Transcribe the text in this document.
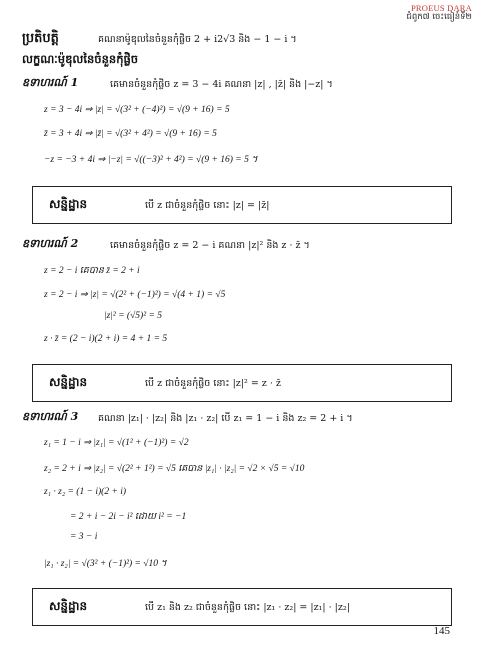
PROEUS DARA
ជំពូក៧ ចេះធៀនំទី២
ប្រតិបត្តិ	គណនាម៉ូឌុលនៃចំនួនកុំផ្លិច 2 + i2√3 និង − 1 − i ។
លក្ខណៈម៉ូឌុលនៃចំនួនកុំផ្លិច
ឧទាហរណ៍ 1	គេមានចំនួនកុំផ្លិច z = 3 − 4i គណនា |z| , |z̄| និង |−z| ។
z = 3 − 4i ⇒ |z| = √(3² + (−4)²) = √(9 + 16) = 5
z̄ = 3 + 4i ⇒ |z̄| = √(3² + 4²) = √(9 + 16) = 5
−z = −3 + 4i ⇒ |−z| = √((−3)² + 4²) = √(9 + 16) = 5 ។
សន្និដ្ឋាន	បើ z ជាចំនួនកុំផ្លិច នោះ |z| = |z̄|
ឧទាហរណ៍ 2	គេមានចំនួនកុំផ្លិច z = 2 − i គណនា |z|² និង z · z̄ ។
z = 2 − i គេបាន z̄ = 2 + i
z = 2 − i ⇒ |z| = √(2² + (−1)²) = √(4 + 1) = √5
|z|² = (√5)² = 5
z · z̄ = (2 − i)(2 + i) = 4 + 1 = 5
សន្និដ្ឋាន	បើ z ជាចំនួនកុំផ្លិច នោះ |z|² = z · z̄
ឧទាហរណ៍ 3 គណនា |z₁| · |z₂| និង |z₁ · z₂| បើ z₁ = 1 − i និង z₂ = 2 + i ។
z₁ = 1 − i ⇒ |z₁| = √(1² + (−1)²) = √2
z₂ = 2 + i ⇒ |z₂| = √(2² + 1²) = √5 គេបាន |z₁| · |z₂| = √2 × √5 = √10
z₁ · z₂ = (1 − i)(2 + i)
= 2 + i − 2i − i² ដោយ i² = −1
= 3 − i
|z₁ · z₂| = √(3² + (−1)²) = √10 ។
សន្និដ្ឋាន	បើ z₁ និង z₂ ជាចំនួនកុំផ្លិច នោះ |z₁ · z₂| = |z₁| · |z₂|
145
